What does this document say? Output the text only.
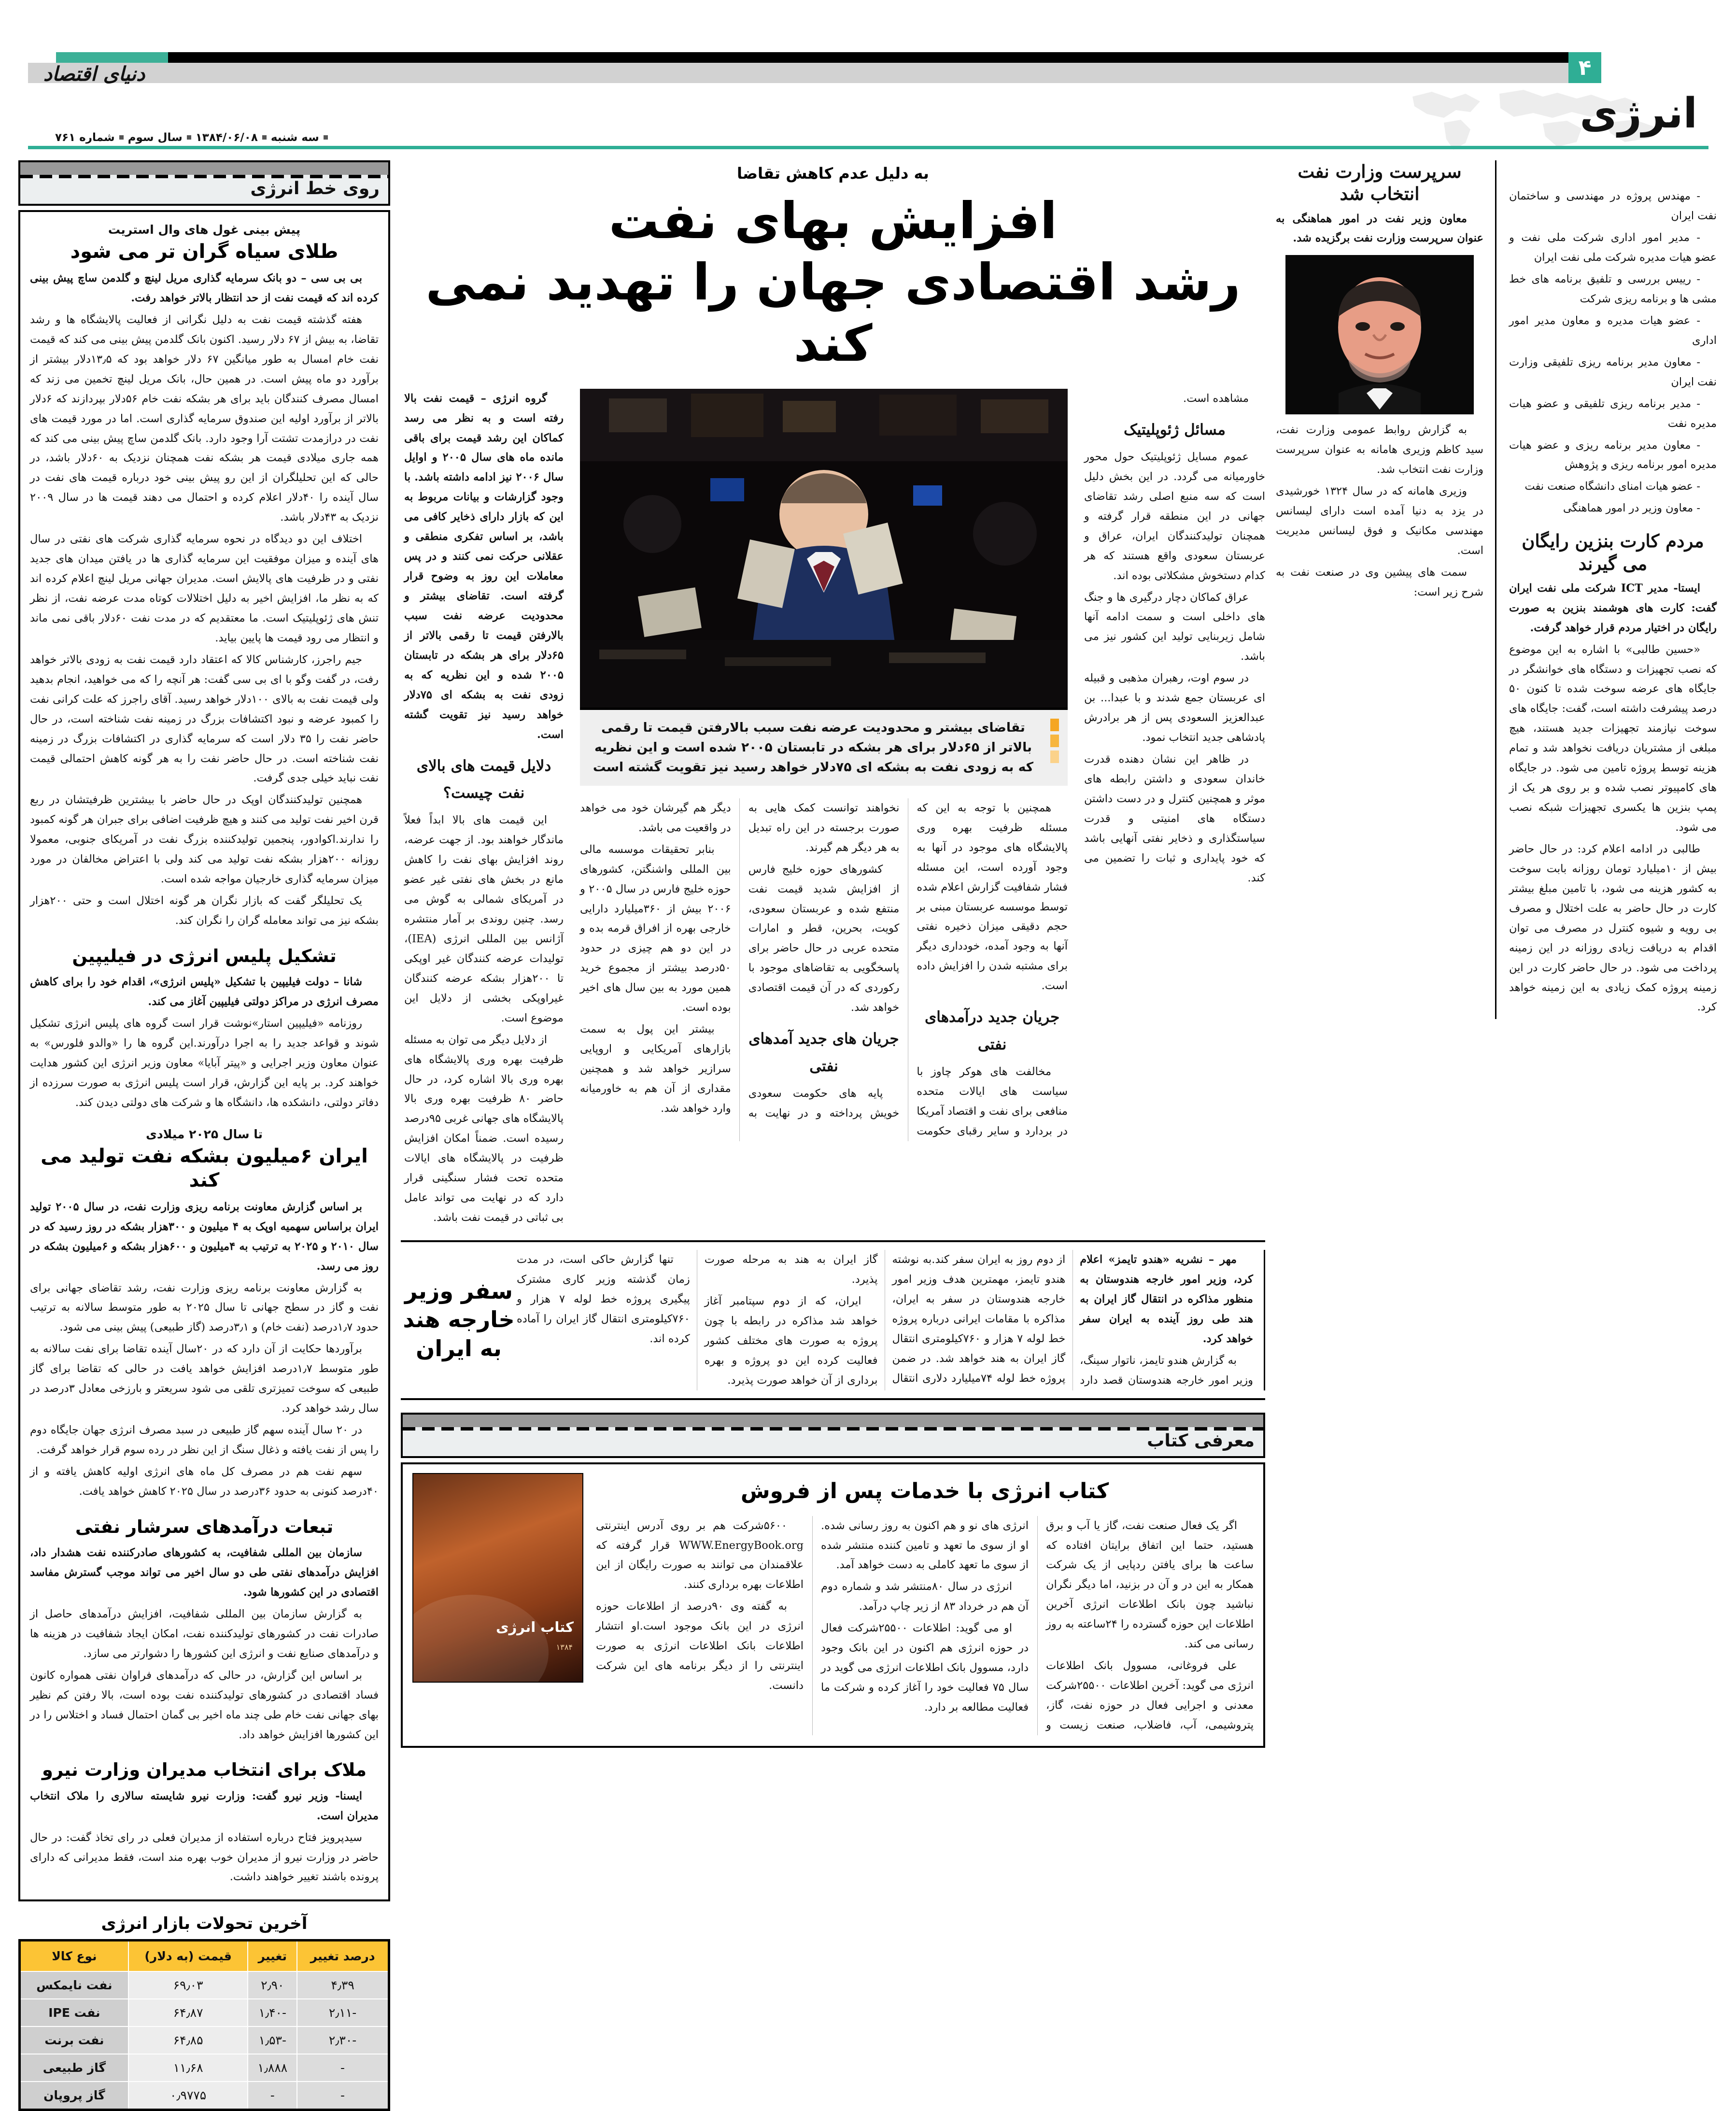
۴
دنیای اقتصاد
انرژی
سه شنبه۱۳۸۴/۰۶/۰۸سال سومشماره ۷۶۱
روی خط انرژی
پیش بینی غول های وال استریت
طلای سیاه گران تر می شود

بی بی سی – دو بانک سرمایه گذاری مریل لینچ و گلدمن ساچ پیش بینی کرده اند که قیمت نفت از حد انتظار بالاتر خواهد رفت.

هفته گذشته قیمت نفت به دلیل نگرانی از فعالیت پالایشگاه ها و رشد تقاضا، به بیش از ۶۷ دلار رسید. اکنون بانک گلدمن پیش بینی می کند که قیمت نفت خام امسال به طور میانگین ۶۷ دلار خواهد بود که ۱۳٫۵دلار بیشتر از برآورد دو ماه پیش است. در همین حال، بانک مریل لینچ تخمین می زند که امسال مصرف کنندگان باید برای هر بشکه نفت خام ۵۶دلار بپردازند که ۶دلار بالاتر از برآورد اولیه این صندوق سرمایه گذاری است. اما در مورد قیمت های نفت در درازمدت تشتت آرا وجود دارد. بانک گلدمن ساچ پیش بینی می کند که همه جاری میلادی قیمت هر بشکه نفت همچنان نزدیک به ۶۰دلار باشد، در حالی که این تحلیلگران از این رو پیش بینی خود درباره قیمت های نفت در سال آینده را ۴۰دلار اعلام کرده و احتمال می دهند قیمت ها در سال ۲۰۰۹ نزدیک به ۴۳دلار باشد.

اختلاف این دو دیدگاه در نحوه سرمایه گذاری شرکت های نفتی در سال های آینده و میزان موفقیت این سرمایه گذاری ها در یافتن میدان های جدید نفتی و در ظرفیت های پالایش است. مدیران جهانی مریل لینچ اعلام کرده اند که به نظر ما، افزایش اخیر به دلیل اختلالات کوتاه مدت عرضه نفت، از نظر تنش های ژئوپلیتیک است. ما معتقدیم که در مدت نفت ۶۰دلار باقی نمی ماند و انتظار می رود قیمت ها پایین بیاید.

جیم راجرز، کارشناس کالا که اعتقاد دارد قیمت نفت به زودی بالاتر خواهد رفت، در گفت وگو با ای بی سی گفت: هر آنچه را که می خواهید، انجام بدهید ولی قیمت نفت به بالای ۱۰۰دلار خواهد رسید. آقای راجرز که علت کرانی نفت را کمبود عرضه و نبود اکتشافات بزرگ در زمینه نفت شناخته است، در حال حاضر نفت را ۳۵ دلار است که سرمایه گذاری در اکتشافات بزرگ در زمینه نفت شناخته است. در حال حاضر نفت را به هر گونه کاهش احتمالی قیمت نفت نباید خیلی جدی گرفت.

همچنین تولیدکنندگان اوپک در حال حاضر با بیشترین ظرفیتشان در ربع قرن اخیر نفت تولید می کنند و هیچ ظرفیت اضافی برای جبران هر گونه کمبود را ندارند.اکوادور، پنجمین تولیدکننده بزرگ نفت در آمریکای جنوبی، معمولا روزانه ۲۰۰هزار بشکه نفت تولید می کند ولی با اعتراض مخالفان در مورد میزان سرمایه گذاری خارجیان مواجه شده است.

یک تحلیلگر گفت که بازار نگران هر گونه اختلال است و حتی ۲۰۰هزار بشکه نیز می تواند معامله گران را نگران کند.

تشکیل پلیس انرژی در فیلیپین

شانا – دولت فیلیپین با تشکیل «پلیس انرژی»، اقدام خود را برای کاهش مصرف انرژی در مراکز دولتی فیلیپین آغاز می کند.

روزنامه «فیلیپین استار»نوشت قرار است گروه های پلیس انرژی تشکیل شوند و قواعد جدید را به اجرا درآورند.این گروه ها را «والدو فلورس» به عنوان معاون وزیر اجرایی و «پیتر آبایا» معاون وزیر انرژی این کشور هدایت خواهند کرد. بر پایه این گزارش، قرار است پلیس انرژی به صورت سرزده از دفاتر دولتی، دانشکده ها، دانشگاه ها و شرکت های دولتی دیدن کند.

تا سال ۲۰۲۵ میلادی
ایران ۶میلیون بشکه نفت تولید می کند

بر اساس گزارش معاونت برنامه ریزی وزارت نفت، در سال ۲۰۰۵ تولید ایران براساس سهمیه اوپک به ۴ میلیون و ۳۰۰هزار بشکه در روز رسید که در سال ۲۰۱۰ و ۲۰۲۵ به ترتیب به ۴میلیون و ۶۰۰هزار بشکه و ۶میلیون بشکه در روز می رسد.

به گزارش معاونت برنامه ریزی وزارت نفت، رشد تقاضای جهانی برای نفت و گاز در سطح جهانی تا سال ۲۰۲۵ به طور متوسط سالانه به ترتیب حدود ۱٫۷درصد (نفت خام) و ۳٫۱درصد (گاز طبیعی) پیش بینی می شود.

برآوردها حکایت از آن دارد که در ۲۰سال آینده تقاضا برای نفت سالانه به طور متوسط ۱٫۷درصد افزایش خواهد یافت در حالی که تقاضا برای گاز طبیعی که سوخت تمیزتری تلقی می شود سریعتر و بارزخی معادل ۳درصد در سال رشد خواهد کرد.

در ۲۰ سال آینده سهم گاز طبیعی در سبد مصرف انرژی جهان جایگاه دوم را پس از نفت یافته و ذغال سنگ از این نظر در رده سوم قرار خواهد گرفت.

سهم نفت هم در مصرف کل ماه های انرژی اولیه کاهش یافته و از ۴۰درصد کنونی به حدود ۳۶درصد در سال ۲۰۲۵ کاهش خواهد یافت.

تبعات درآمدهای سرشار نفتی

سازمان بین المللی شفافیت، به کشورهای صادرکننده نفت هشدار داد، افزایش درآمدهای نفتی طی دو سال اخیر می تواند موجب گسترش مفاسد اقتصادی در این کشورها شود.

به گزارش سازمان بین المللی شفافیت، افزایش درآمدهای حاصل از صادرات نفت در کشورهای تولیدکننده نفت، امکان ایجاد شفافیت در هزینه ها و درآمدهای صنایع نفت و انرژی این کشورها را دشوارتر می سازد.

بر اساس این گزارش، در حالی که درآمدهای فراوان نفتی همواره کانون فساد اقتصادی در کشورهای تولیدکننده نفت بوده است، بالا رفتن کم نظیر بهای جهانی نفت خام طی چند ماه اخیر بی گمان احتمال فساد و اختلاس را در این کشورها افزایش خواهد داد.

ملاک برای انتخاب مدیران وزارت نیرو

ایسنا- وزیر نیرو گفت: وزارت نیرو شایسته سالاری را ملاک انتخاب مدیران است.

سیدپرویز فتاح درباره استفاده از مدیران فعلی در رای تخاذ گفت: در حال حاضر در وزارت نیرو از مدیران خوب بهره مند است، فقط مدیرانی که دارای پرونده باشند تغییر خواهند داشت.

آخرین تحولات بازار انرژی
درصد تغییر	تغییر	قیمت (به دلار)	نوع کالا
۴٫۳۹	۲٫۹۰	۶۹٫۰۳	نفت نایمکس
-۲٫۱۱	-۱٫۴۰	۶۴٫۸۷	نفت IPE
-۲٫۳۰	-۱٫۵۳	۶۴٫۸۵	نفت برنت
-	۱٫۸۸۸	۱۱٫۶۸	گاز طبیعی
-	-	۰٫۹۷۷۵	گاز پروپان
به دلیل عدم کاهش تقاضا
افزایش بهای نفت
رشد اقتصادی جهان را تهدید نمی کند

مشاهده است.

مسائل ژئوپلیتیک

عموم مسایل ژئوپلیتیک حول محور خاورمیانه می گردد. در این بخش دلیل است که سه منبع اصلی رشد تقاضای جهانی در این منطقه قرار گرفته و همچنان تولیدکنندگان ایران، عراق و عربستان سعودی واقع هستند که هر کدام دستخوش مشکلاتی بوده اند.

عراق کماکان دچار درگیری ها و جنگ های داخلی است و سمت ادامه آنها شامل زیربنایی تولید این کشور نیز می باشد.

در سوم اوت، رهبران مذهبی و قبیله ای عربستان جمع شدند و با عبدا... بن عبدالعزیز السعودی پس از هر برادرش پادشاهی جدید انتخاب نمود.

در ظاهر این نشان دهنده قدرت خاندان سعودی و داشتن رابطه های موثر و همچنین کنترل و در دست داشتن دستگاه های امنیتی و قدرت سیاستگذاری و ذخایر نفتی آنهایی باشد که خود پایداری و ثبات را تضمین می کند.

تقاضای بیشتر و محدودیت عرضه نفت سبب بالارفتن قیمت تا رقمی بالاتر از ۶۵دلار برای هر بشکه در تابستان ۲۰۰۵ شده است و این نظریه که به زودی نفت به بشکه ای ۷۵دلار خواهد رسید نیز تقویت گشته است

همچنین با توجه به این که مسئله ظرفیت بهره وری پالایشگاه های موجود در آنها به وجود آورده است، این مسئله فشار شفافیت گزارش اعلام شده توسط موسسه عربستان مبنی بر حجم دقیقی میزان ذخیره نفتی آنها به وجود آمده، خودداری دیگر برای مشتبه شدن را افزایش داده است.

جریان جدید درآمدهای نفتی

مخالفت های هوکر چاوز با سیاست های ایالات متحده منافعی برای نفت و اقتصاد آمریکا در بردارد و سایر رقبای حکومت نخواهند توانست کمک هایی به صورت برجسته در این راه تبدیل به هر دیگر هم گیرند.

کشورهای حوزه خلیج فارس از افزایش شدید قیمت نفت منتفع شده و عربستان سعودی، کویت، بحرین، قطر و امارات متحده عربی در حال حاضر برای پاسخگویی به تقاضاهای موجود با رکوردی که در آن قیمت اقتصادی خواهد شد.

جریان های جدید آمدهای نفتی

پایه های حکومت سعودی خویش پرداخته و در نهایت به دیگر هم گیرشان خود می خواهد در واقعیت می باشد.

بنابر تحقیقات موسسه مالی بین المللی واشنگتن، کشورهای حوزه خلیج فارس در سال ۲۰۰۵ و ۲۰۰۶ بیش از ۳۶۰میلیارد دارایی خارجی بهره از افراق قرمه بده و در این دو هم چیزی در حدود ۵۰درصد بیشتر از مجموع خرید همین مورد به بین سال های اخیر بوده است.

بیشتر این پول به سمت بازارهای آمریکایی و اروپایی سرازیر خواهد شد و همچنین مقداری از آن هم به خاورمیانه وارد خواهد شد.

گروه انرژی – قیمت نفت بالا رفته است و به نظر می رسد کماکان این رشد قیمت برای باقی مانده ماه های سال ۲۰۰۵ و اوایل سال ۲۰۰۶ نیز ادامه داشته باشد. با وجود گزارشات و بیانات مربوط به این که بازار دارای ذخایر کافی می باشد، بر اساس تفکری منطقی و عقلانی حرکت نمی کنند و در پس معاملات این روز به وضوح قرار گرفته است. تقاضای بیشتر و محدودیت عرضه نفت سبب بالارفتن قیمت تا رقمی بالاتر از ۶۵دلار برای هر بشکه در تابستان ۲۰۰۵ شده و این نظریه که به زودی نفت به بشکه ای ۷۵دلار خواهد رسید نیز تقویت گشته است.

دلایل قیمت های بالای نفت چیست؟

این قیمت های بالا ابداً فعلاً ماندگار خواهند بود. از جهت عرضه، روند افزایش بهای نفت را کاهش مانع در بخش های نفتی غیر عضو در آمریکای شمالی به گوش می رسد. چنین روندی بر آمار منتشره آژانس بین المللی انرژی (IEA)، تولیدات عرضه کنندگان غیر اوپکی تا ۲۰۰هزار بشکه عرضه کنندگان غیراوپکی بخشی از دلایل این موضوع است.

از دلایل دیگر می توان به مسئله ظرفیت بهره وری پالایشگاه های بهره وری بالا اشاره کرد، در حال حاضر ۸۰ ظرفیت بهره وری بالا پالایشگاه های جهانی غربی ۹۵درصد رسیده است. ضمناً امکان افزایش ظرفیت در پالایشگاه های ایالات متحده تحت فشار سنگینی قرار دارد که در نهایت می تواند عامل بی ثباتی در قیمت نفت باشد.

مهر – نشریه «هندو تایمز» اعلام کرد، وزیر امور خارجه هندوستان به منظور مذاکره در انتقال گاز ایران به هند طی روز آینده به ایران سفر خواهد کرد.

به گزارش هندو تایمز، ناتوار سینگ، وزیر امور خارجه هندوستان قصد دارد از دوم روز به ایران سفر کند.به نوشته هندو تایمز، مهمترین هدف وزیر امور خارجه هندوستان در سفر به ایران، مذاکره با مقامات ایرانی درباره پروژه خط لوله ۷ هزار و ۷۶۰کیلومتری انتقال گاز ایران به هند خواهد شد. در ضمن پروژه خط لوله ۷۴میلیارد دلاری انتقال گاز ایران به هند به مرحله صورت پذیرد.

ایران، که از دوم سپتامبر آغاز خواهد شد مذاکره در رابطه با چون پروژه به صورت های مختلف کشور فعالیت کرده این دو پروژه و بهره برداری از آن خواهد صورت پذیرد.

تنها گزارش حاکی است، در مدت زمان گذشته وزیر کاری مشترک پیگیری پروژه خط لوله ۷ هزار و ۷۶۰کیلومتری انتقال گاز ایران را آماده کرده اند.

سفر وزیر خارجه هند به ایران
معرفی کتاب
کتاب انرژی با خدمات پس از فروش

اگر یک فعال صنعت نفت، گاز یا آب و برق هستید، حتما این اتفاق برایتان افتاده که ساعت ها برای یافتن ردپایی از یک شرکت همکار به این در و آن در بزنید، اما دیگر نگران نباشید چون بانک اطلاعات انرژی آخرین اطلاعات این حوزه گسترده را ۲۴ساعته به روز رسانی می کند.

علی فروغانی، مسوول بانک اطلاعات انرژی می گوید: آخرین اطلاعات ۲۵۵۰۰شرکت معدنی و اجرایی فعال در حوزه نفت، گاز، پتروشیمی، آب، فاضلاب، صنعت زیست و انرژی های نو و هم اکنون به روز رسانی شده. او از سوی ما تعهد و تامین کننده منتشر شده از سوی ما تعهد کاملی به دست خواهد آمد.

انرژی در سال ۸۰منتشر شد و شماره دوم آن هم در خرداد ۸۳ از زیر چاپ درآمد.

او می گوید: اطلاعات ۲۵۵۰۰شرکت فعال در حوزه انرژی هم اکنون در این بانک وجود دارد، مسوول بانک اطلاعات انرژی می گوید در سال ۷۵ فعالیت خود را آغاز کرده و شرکت ما فعالیت مطالعه بر دارد.

۵۶۰۰شرکت هم بر روی آدرس اینترنتی WWW.EnergyBook.org قرار گرفته که علاقمندان می توانند به صورت رایگان از این اطلاعات بهره برداری کنند.

به گفته وی ۹۰درصد از اطلاعات حوزه انرژی در این بانک موجود است.او انتشار اطلاعات بانک اطلاعات انرژی به صورت اینترنتی را از دیگر برنامه های این شرکت دانست.

کتاب انرژی
۱۳۸۴

- مهندس پروژه در مهندسی و ساختمان نفت ایران

- مدیر امور اداری شرکت ملی نفت و عضو هیات مدیره شرکت ملی نفت ایران

- رییس بررسی و تلفیق برنامه های خط مشی ها و برنامه ریزی شرکت

- عضو هیات مدیره و معاون مدیر امور اداری

- معاون مدیر برنامه ریزی تلفیقی وزارت نفت ایران

- مدیر برنامه ریزی تلفیقی و عضو هیات مدیره نفت

- معاون مدیر برنامه ریزی و عضو هیات مدیره امور برنامه ریزی و پژوهش

- عضو هیات امنای دانشگاه صنعت نفت

- معاون وزیر در امور هماهنگی

مردم کارت بنزین رایگان می گیرند

ایستا- مدیر ICT شرکت ملی نفت ایران گفت: کارت های هوشمند بنزین به صورت رایگان در اختیار مردم قرار خواهد گرفت.

«حسین طالبی» با اشاره به این موضوع که نصب تجهیزات و دستگاه های خوانشگر در جایگاه های عرضه سوخت شده تا کنون ۵۰ درصد پیشرفت داشته است، گفت: جایگاه های سوخت نیازمند تجهیزات جدید هستند، هیچ مبلغی از مشتریان دریافت نخواهد شد و تمام هزینه توسط پروژه تامین می شود. در جایگاه های کامپیوتر نصب شده و بر روی هر یک از پمپ بنزین ها یکسری تجهیزات شبکه نصب می شود.

طالبی در ادامه اعلام کرد: در حال حاضر بیش از ۱۰میلیارد تومان روزانه بابت سوخت به کشور هزینه می شود، با تامین مبلغ بیشتر کارت در حال حاضر به علت اختلال و مصرف بی رویه و شیوه کنترل در مصرف می توان اقدام به دریافت زیادی روزانه در این زمینه پرداخت می شود. در حال حاضر کارت در این زمینه پروژه کمک زیادی به این زمینه خواهد کرد.

سرپرست وزارت نفت انتخاب شد

معاون وزیر نفت در امور هماهنگی به عنوان سرپرست وزارت نفت برگزیده شد.

به گزارش روابط عمومی وزارت نفت، سید کاظم وزیری هامانه به عنوان سرپرست وزارت نفت انتخاب شد.

وزیری هامانه که در سال ۱۳۲۴ خورشیدی در یزد به دنیا آمده است دارای لیسانس مهندسی مکانیک و فوق لیسانس مدیریت است.

سمت های پیشین وی در صنعت نفت به شرح زیر است:
